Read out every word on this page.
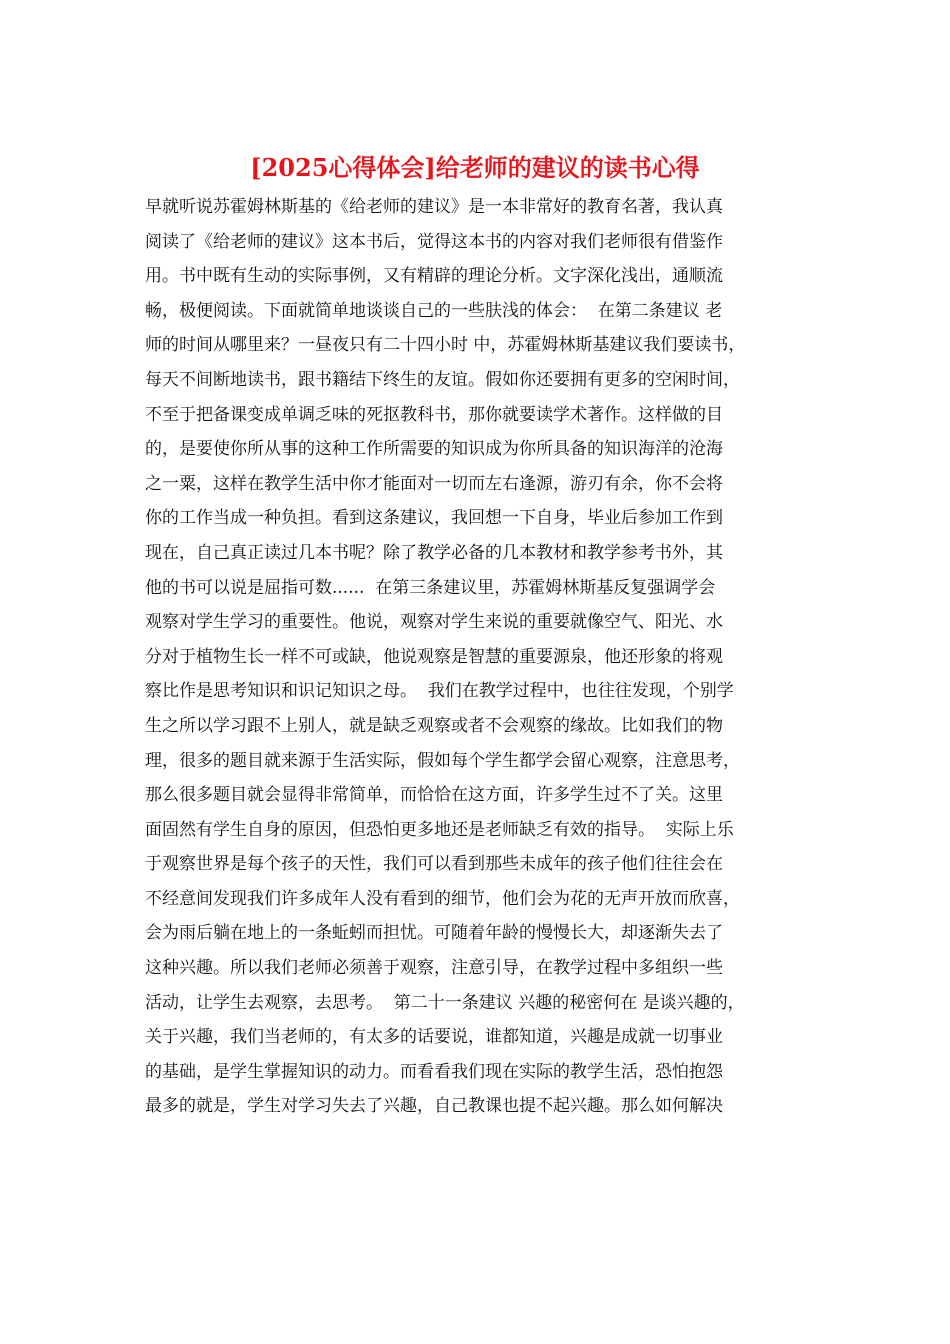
[2025心得体会]给老师的建议的读书心得
早就听说苏霍姆林斯基的《给老师的建议》是一本非常好的教育名著，我认真
阅读了《给老师的建议》这本书后，觉得这本书的内容对我们老师很有借鉴作
用。书中既有生动的实际事例，又有精辟的理论分析。文字深化浅出，通顺流
畅，极便阅读。下面就简单地谈谈自己的一些肤浅的体会：  在第二条建议 老
师的时间从哪里来？一昼夜只有二十四小时 中，苏霍姆林斯基建议我们要读书，
每天不间断地读书，跟书籍结下终生的友谊。假如你还要拥有更多的空闲时间，
不至于把备课变成单调乏味的死抠教科书，那你就要读学术著作。这样做的目
的，是要使你所从事的这种工作所需要的知识成为你所具备的知识海洋的沧海
之一粟，这样在教学生活中你才能面对一切而左右逢源，游刃有余，你不会将
你的工作当成一种负担。看到这条建议，我回想一下自身，毕业后参加工作到
现在，自己真正读过几本书呢？除了教学必备的几本教材和教学参考书外，其
他的书可以说是屈指可数......  在第三条建议里，苏霍姆林斯基反复强调学会
观察对学生学习的重要性。他说，观察对学生来说的重要就像空气、阳光、水
分对于植物生长一样不可或缺，他说观察是智慧的重要源泉，他还形象的将观
察比作是思考知识和识记知识之母。  我们在教学过程中，也往往发现，个别学
生之所以学习跟不上别人，就是缺乏观察或者不会观察的缘故。比如我们的物
理，很多的题目就来源于生活实际，假如每个学生都学会留心观察，注意思考，
那么很多题目就会显得非常简单，而恰恰在这方面，许多学生过不了关。这里
面固然有学生自身的原因，但恐怕更多地还是老师缺乏有效的指导。  实际上乐
于观察世界是每个孩子的天性，我们可以看到那些未成年的孩子他们往往会在
不经意间发现我们许多成年人没有看到的细节，他们会为花的无声开放而欣喜，
会为雨后躺在地上的一条蚯蚓而担忧。可随着年龄的慢慢长大，却逐渐失去了
这种兴趣。所以我们老师必须善于观察，注意引导，在教学过程中多组织一些
活动，让学生去观察，去思考。  第二十一条建议 兴趣的秘密何在 是谈兴趣的，
关于兴趣，我们当老师的，有太多的话要说，谁都知道，兴趣是成就一切事业
的基础，是学生掌握知识的动力。而看看我们现在实际的教学生活，恐怕抱怨
最多的就是，学生对学习失去了兴趣，自己教课也提不起兴趣。那么如何解决
